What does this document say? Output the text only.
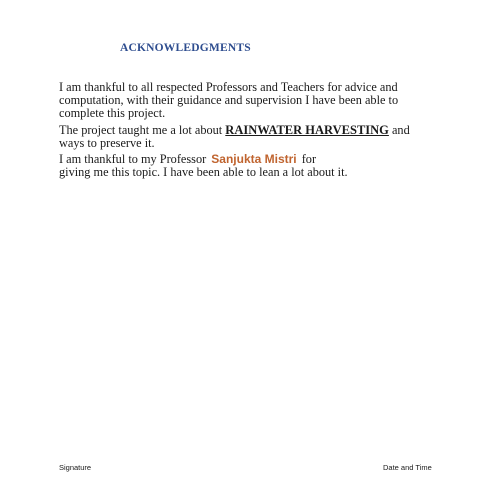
ACKNOWLEDGMENTS

I am thankful to all respected Professors and Teachers for advice and
computation, with their guidance and supervision I have been able to
complete this project.

The project taught me a lot about RAINWATER HARVESTING and
ways to preserve it.

I am thankful to my Professor Sanjukta Mistri for
giving me this topic. I have been able to lean a lot about it.

Signature	Date and Time
